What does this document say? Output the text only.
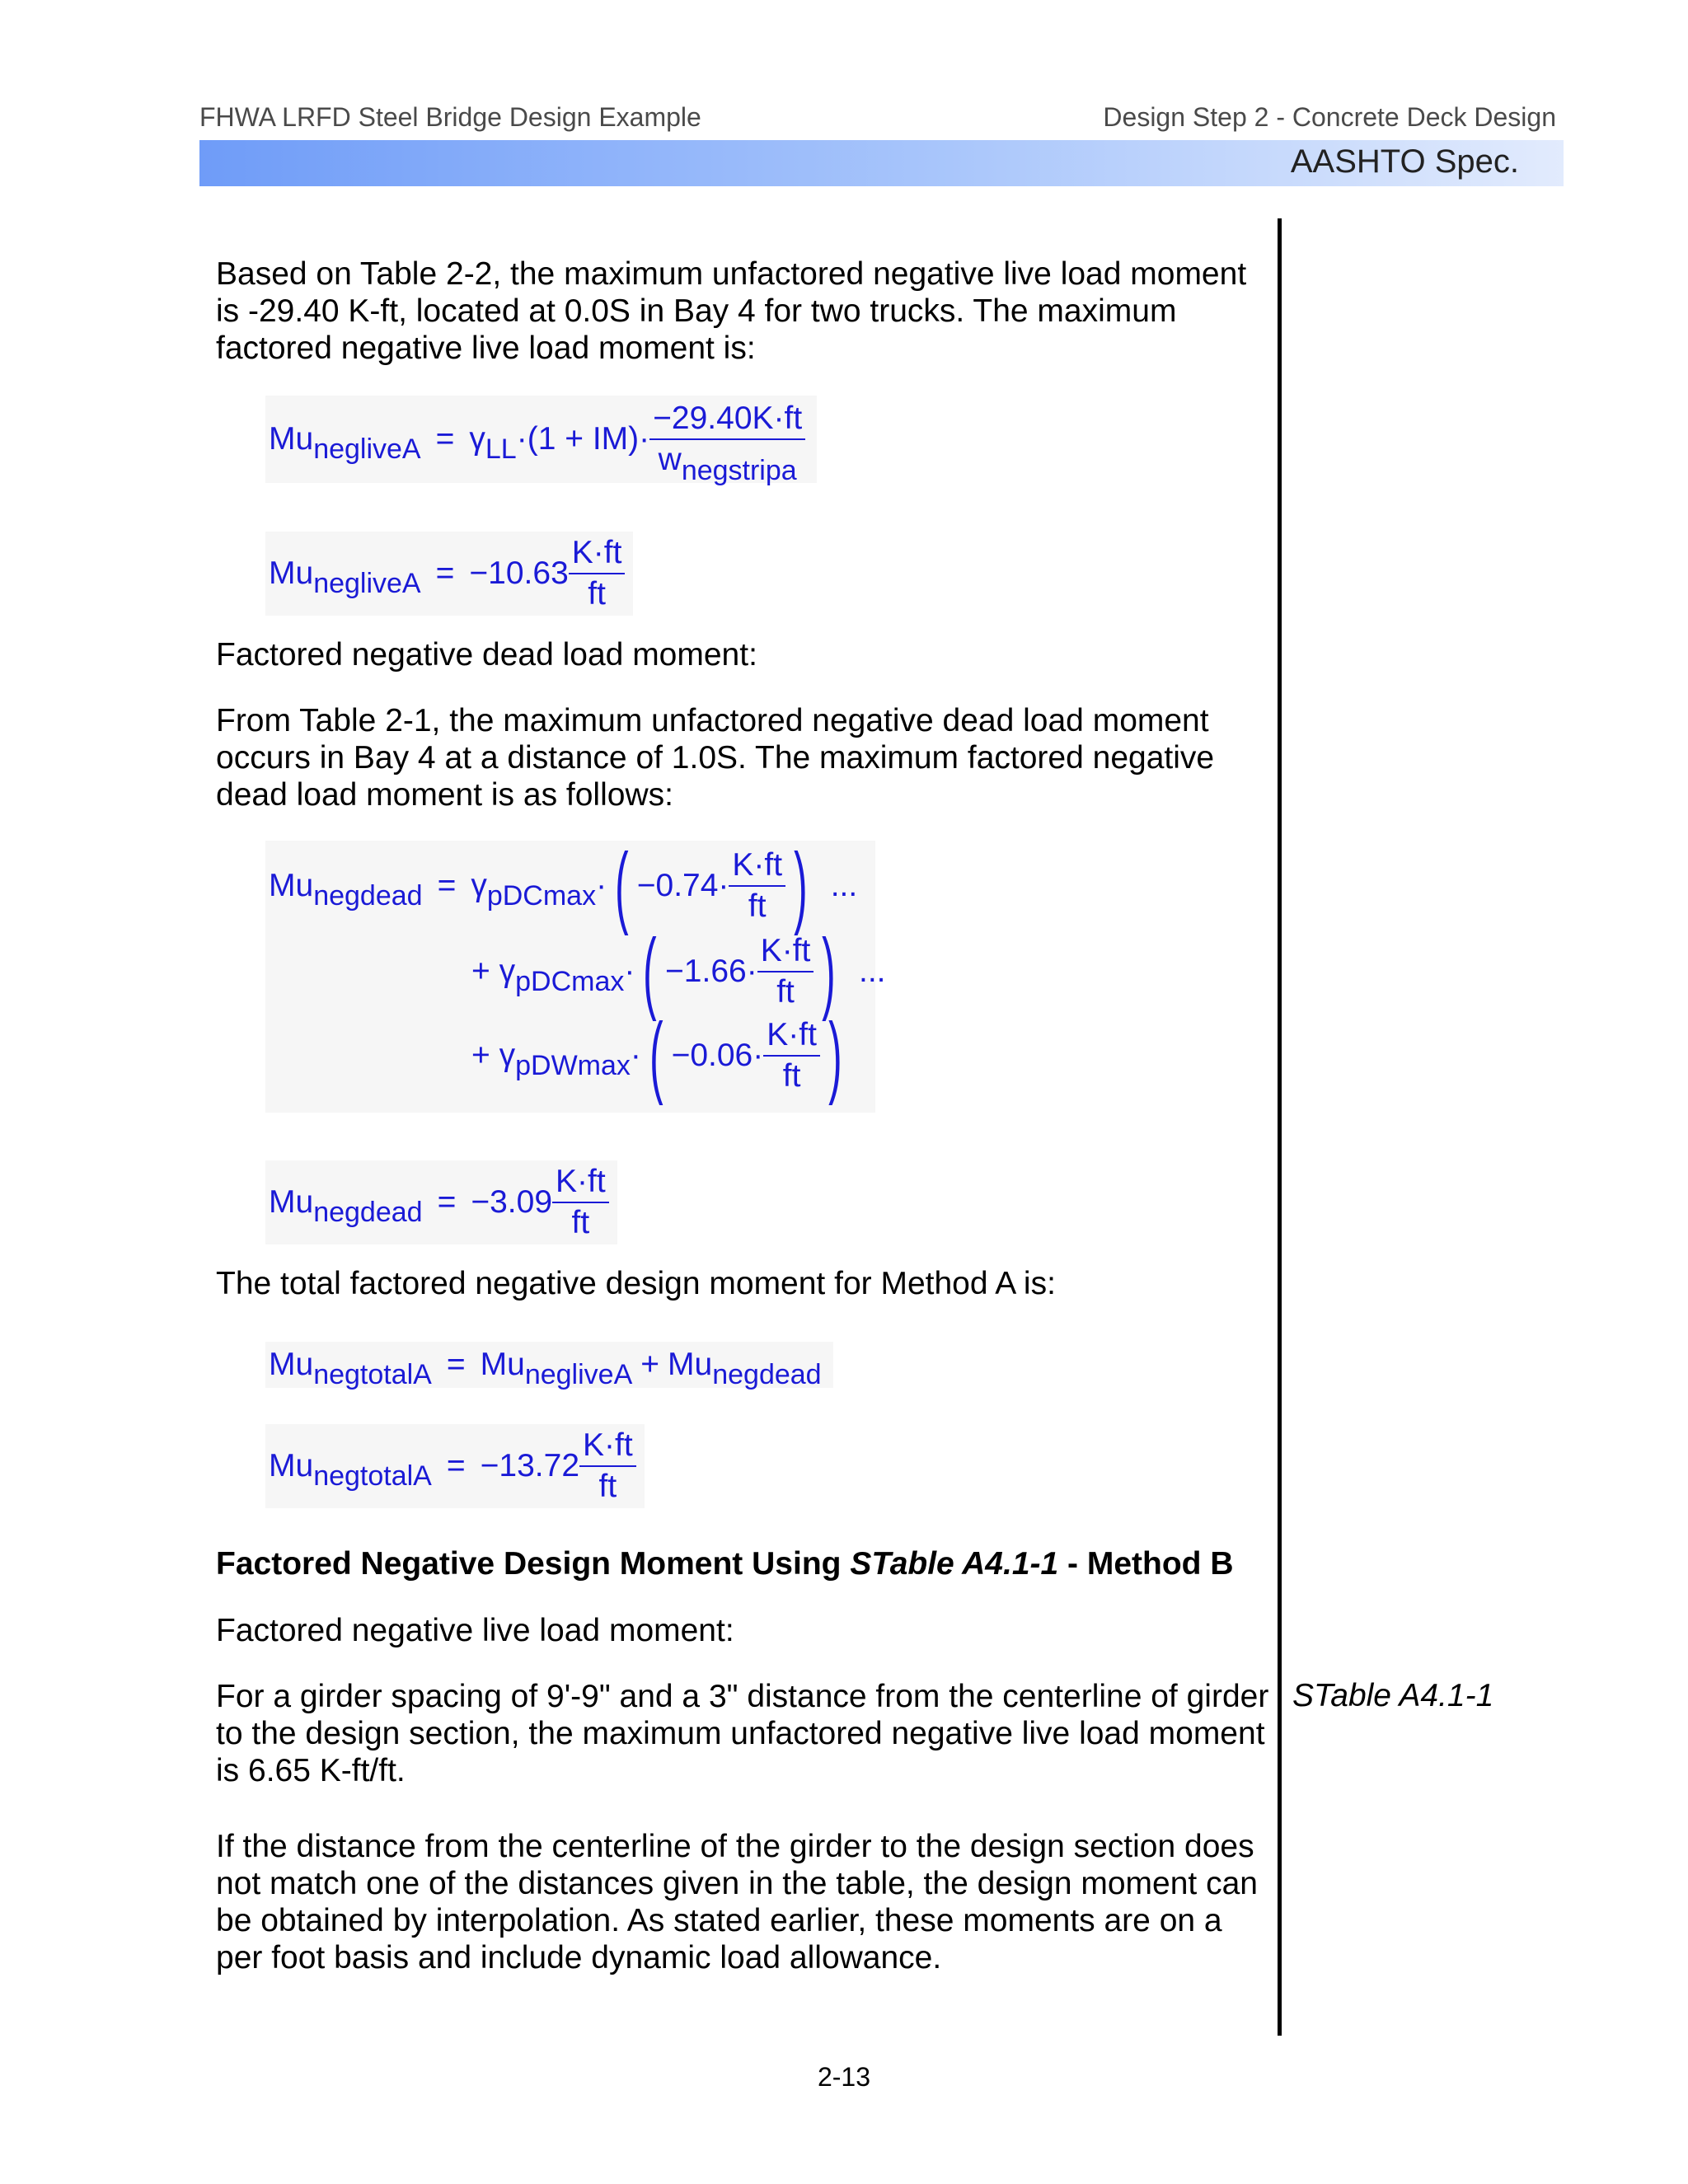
FHWA LRFD Steel Bridge Design Example	Design Step 2 - Concrete Deck Design
AASHTO Spec.

Based on Table 2-2, the maximum unfactored negative live load moment is -29.40 K-ft, located at 0.0S in Bay 4 for two trucks. The maximum factored negative live load moment is:

Mu negliveA = γ LL $\cdot(1 + IM)\cdot \frac{-29.40K\cdot ft}{\text{wnegstripa}}$
Mu negliveA = $-10.63 \frac{K\cdot ft}{ft}$

Factored negative dead load moment:

From Table 2-1, the maximum unfactored negative dead load moment occurs in Bay 4 at a distance of 1.0S. The maximum factored negative dead load moment is as follows:

Mu negdead = γ pDCmax · ( $-0.74\cdot \frac{K\cdot ft}{ft}$ ) ...
+
γ pDCmax · ( $-1.66\cdot \frac{K\cdot ft}{ft}$ ) ...
+
γ pDWmax · ( $-0.06\cdot \frac{K\cdot ft}{ft}$ )
Mu negdead = $-3.09 \frac{K\cdot ft}{ft}$

The total factored negative design moment for Method A is:

Mu negtotalA = Mu negliveA + Mu negdead
Mu negtotalA = $-13.72 \frac{K\cdot ft}{ft}$

Factored Negative Design Moment Using STable A4.1-1 - Method B

Factored negative live load moment:

For a girder spacing of 9'-9" and a 3" distance from the centerline of girder to the design section, the maximum unfactored negative live load moment is 6.65 K-ft/ft.

STable A4.1-1

If the distance from the centerline of the girder to the design section does not match one of the distances given in the table, the design moment can be obtained by interpolation. As stated earlier, these moments are on a per foot basis and include dynamic load allowance.

2-13
